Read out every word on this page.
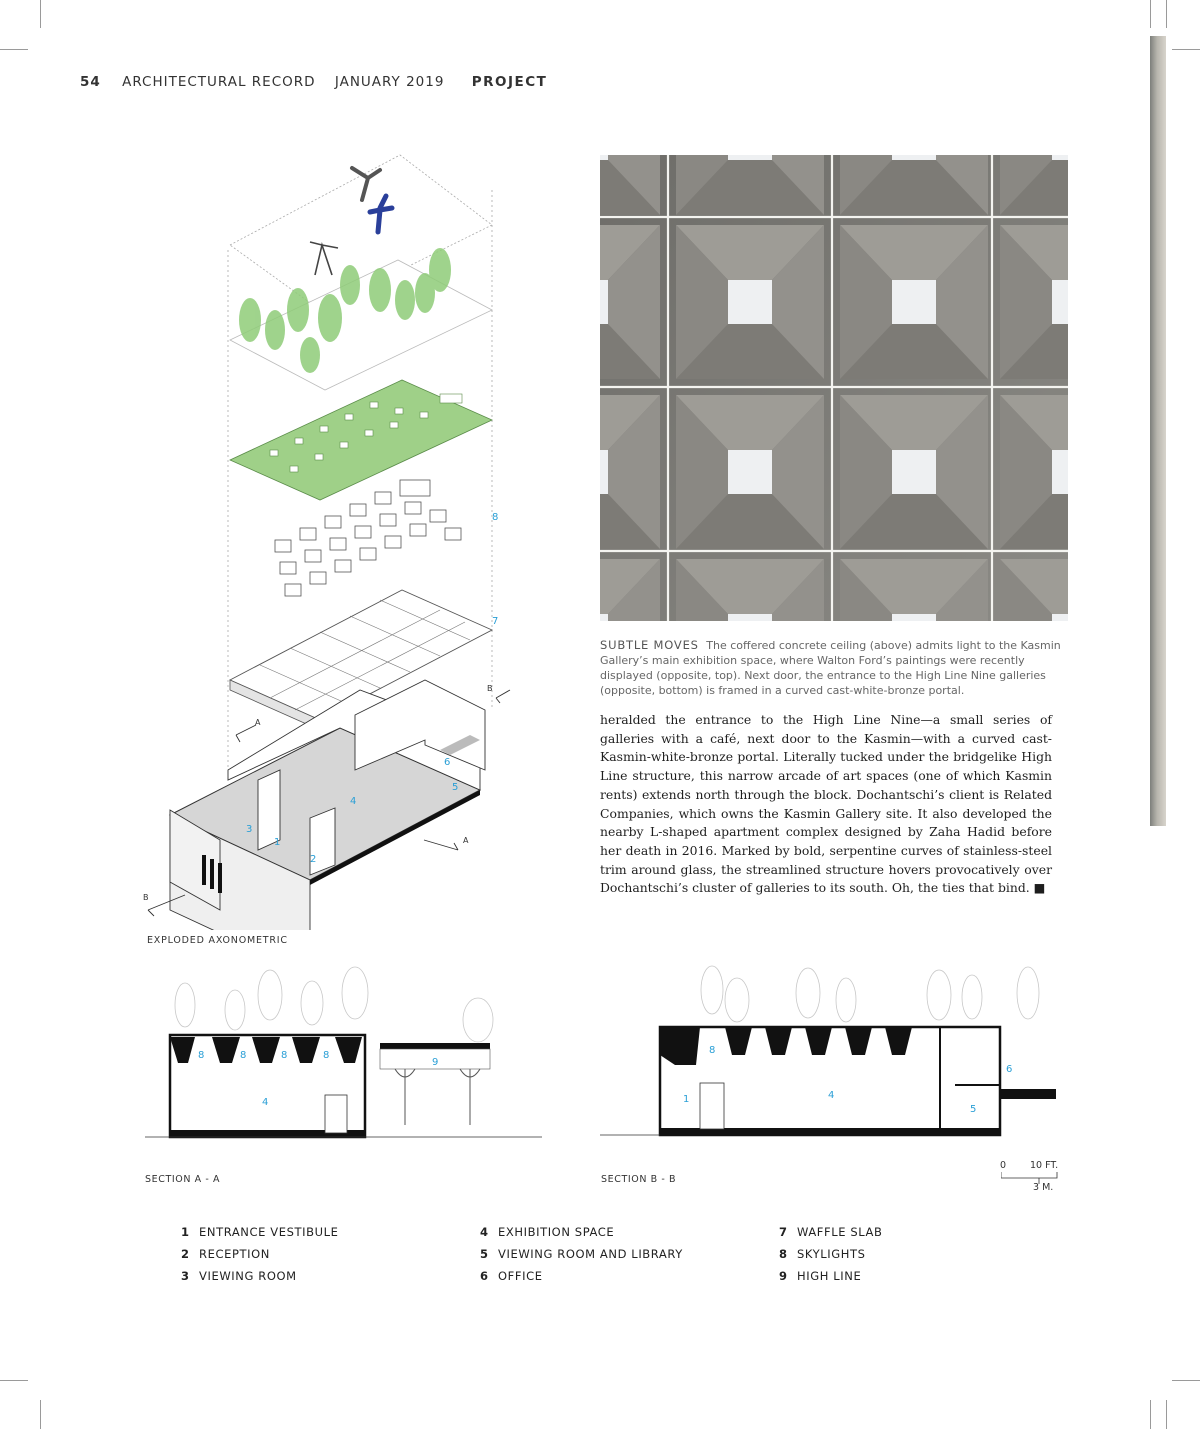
54 ARCHITECTURAL RECORD JANUARY 2019 PROJECT
SUBTLE MOVES The coffered concrete ceiling (above) admits light to the Kasmin Gallery’s main exhibition space, where Walton Ford’s paintings were recently displayed (opposite, top). Next door, the entrance to the High Line Nine galleries (opposite, bottom) is framed in a curved cast-white-bronze portal.

heralded the entrance to the High Line Nine—a small series of galleries with a café, next door to the Kasmin—with a curved cast-Kasmin-white-bronze portal. Literally tucked under the bridgelike High Line structure, this narrow arcade of art spaces (one of which Kasmin rents) extends north through the block. Dochantschi’s client is Related Companies, which owns the Kasmin Gallery site. It also developed the nearby L-shaped apartment complex designed by Zaha Hadid before her death in 2016. Marked by bold, serpentine curves of stainless-steel trim around glass, the streamlined structure hovers provocatively over Dochantschi’s cluster of galleries to its south. Oh, the ties that bind. ■

8
7
6
5
4
3
1
2
A
A
B
B
EXPLODED AXONOMETRIC
8	8	8	8
4
9
SECTION A - A
8
1	4
6
5
SECTION B - B
0	10 FT.
3 M.
1 ENTRANCE VESTIBULE
2 RECEPTION
3 VIEWING ROOM
4 EXHIBITION SPACE
5 VIEWING ROOM AND LIBRARY
6 OFFICE
7 WAFFLE SLAB
8 SKYLIGHTS
9 HIGH LINE
